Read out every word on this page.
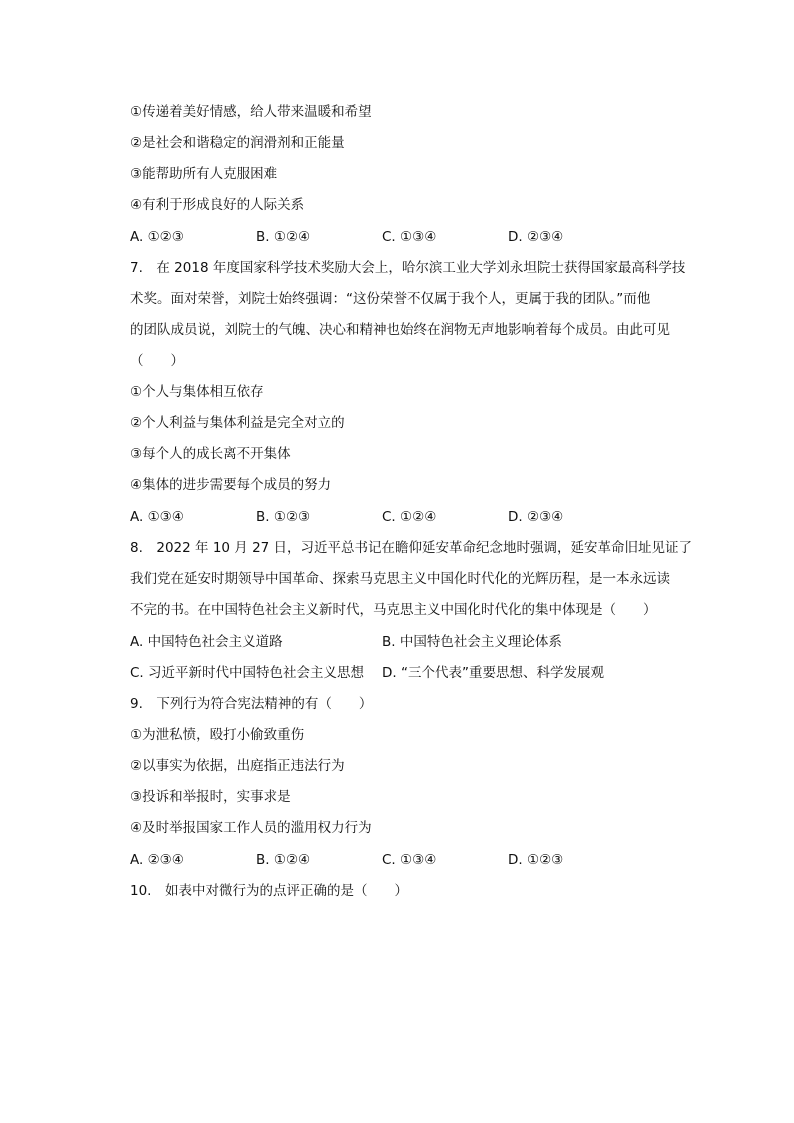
①传递着美好情感，给人带来温暖和希望
②是社会和谐稳定的润滑剂和正能量
③能帮助所有人克服困难
④有利于形成良好的人际关系
A. ①②③	B. ①②④	C. ①③④	D. ②③④
7.　在 2018 年度国家科学技术奖励大会上，哈尔滨工业大学刘永坦院士获得国家最高科学技
术奖。面对荣誉，刘院士始终强调：“这份荣誉不仅属于我个人，更属于我的团队。”而他
的团队成员说，刘院士的气魄、决心和精神也始终在润物无声地影响着每个成员。由此可见
（　　）
①个人与集体相互依存
②个人利益与集体利益是完全对立的
③每个人的成长离不开集体
④集体的进步需要每个成员的努力
A. ①③④	B. ①②③	C. ①②④	D. ②③④
8.　2022 年 10 月 27 日，习近平总书记在瞻仰延安革命纪念地时强调，延安革命旧址见证了
我们党在延安时期领导中国革命、探索马克思主义中国化时代化的光辉历程，是一本永远读
不完的书。在中国特色社会主义新时代，马克思主义中国化时代化的集中体现是（　　）
A. 中国特色社会主义道路	B. 中国特色社会主义理论体系
C. 习近平新时代中国特色社会主义思想 D. “三个代表”重要思想、科学发展观
9.　下列行为符合宪法精神的有（　　）
①为泄私愤，殴打小偷致重伤
②以事实为依据，出庭指正违法行为
③投诉和举报时，实事求是
④及时举报国家工作人员的滥用权力行为
A. ②③④	B. ①②④	C. ①③④	D. ①②③
10.　如表中对微行为的点评正确的是（　　）
